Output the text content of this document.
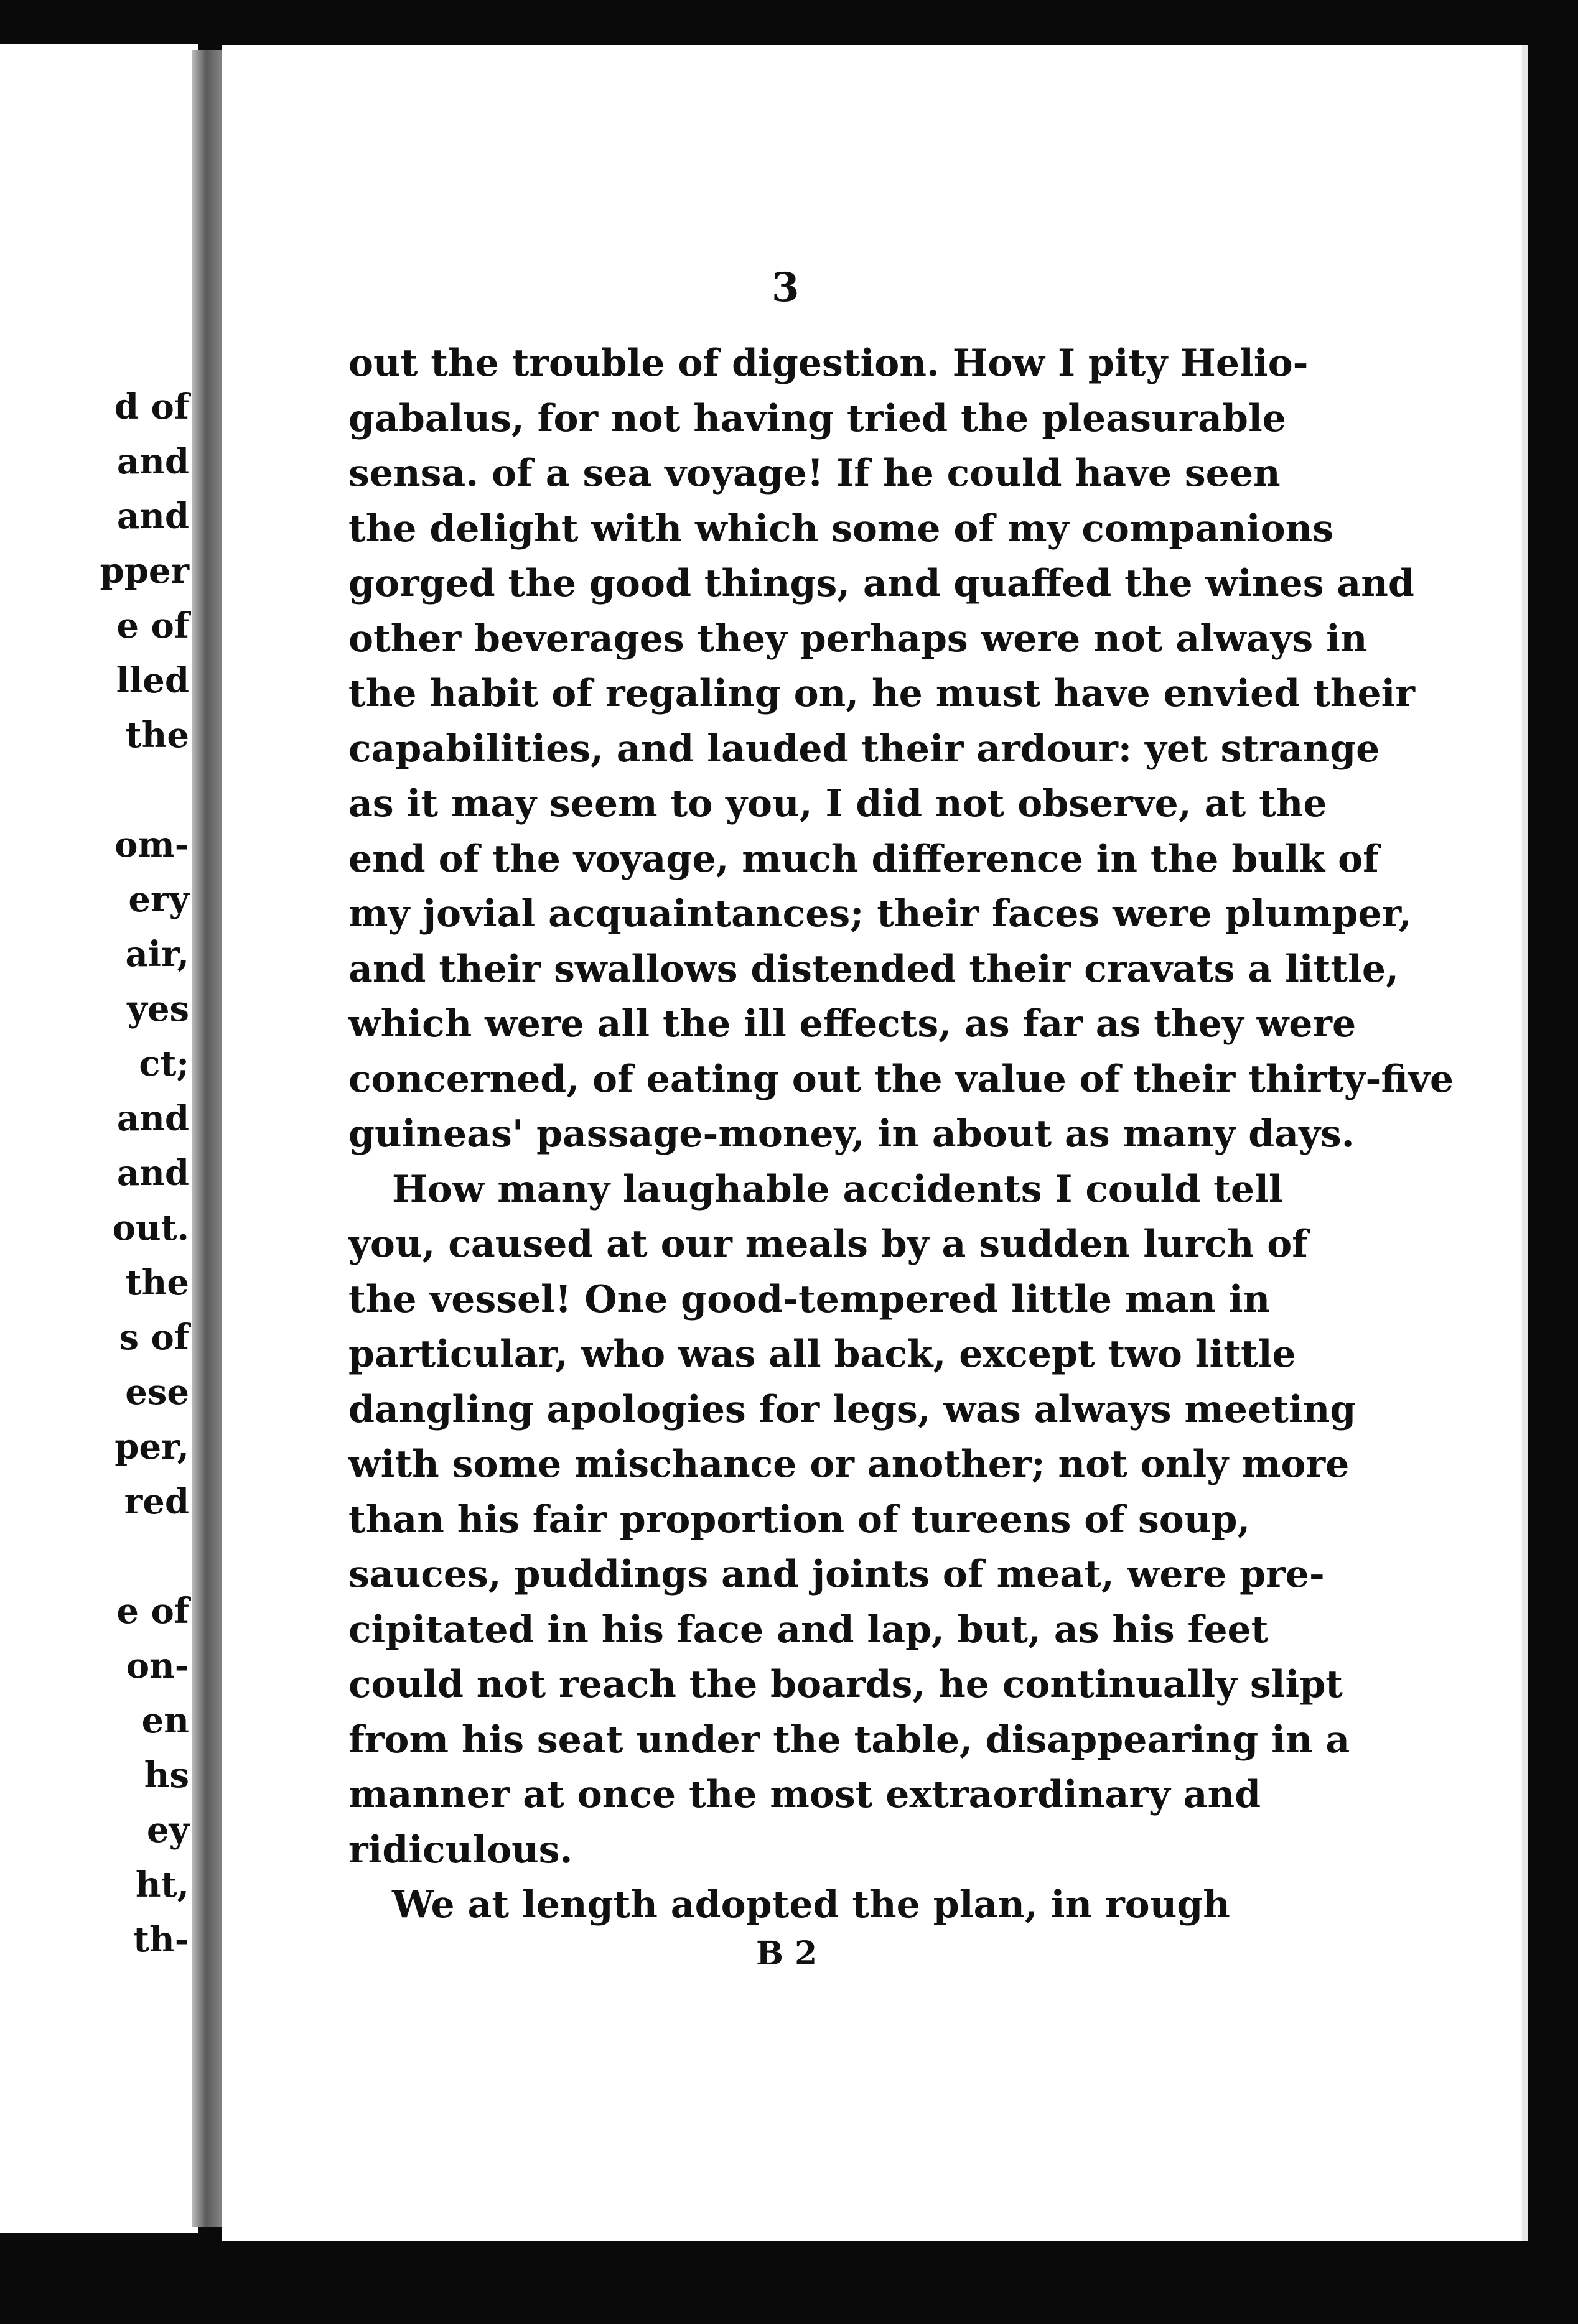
d of
and
and
pper
e of
lled
the
om-
ery
air,
yes
ct;
and
and
out.
the
s of
ese
per,
red
e of
on-
en
hs
ey
ht,
th-
3
out the trouble of digestion. How I pity Helio-
gabalus, for not having tried the pleasurable
sensa. of a sea voyage! If he could have seen
the delight with which some of my companions
gorged the good things, and quaffed the wines and
other beverages they perhaps were not always in
the habit of regaling on, he must have envied their
capabilities, and lauded their ardour: yet strange
as it may seem to you, I did not observe, at the
end of the voyage, much difference in the bulk of
my jovial acquaintances; their faces were plumper,
and their swallows distended their cravats a little,
which were all the ill effects, as far as they were
concerned, of eating out the value of their thirty-five
guineas' passage-money, in about as many days.
How many laughable accidents I could tell
you, caused at our meals by a sudden lurch of
the vessel! One good-tempered little man in
particular, who was all back, except two little
dangling apologies for legs, was always meeting
with some mischance or another; not only more
than his fair proportion of tureens of soup,
sauces, puddings and joints of meat, were pre-
cipitated in his face and lap, but, as his feet
could not reach the boards, he continually slipt
from his seat under the table, disappearing in a
manner at once the most extraordinary and
ridiculous.
We at length adopted the plan, in rough
B 2
